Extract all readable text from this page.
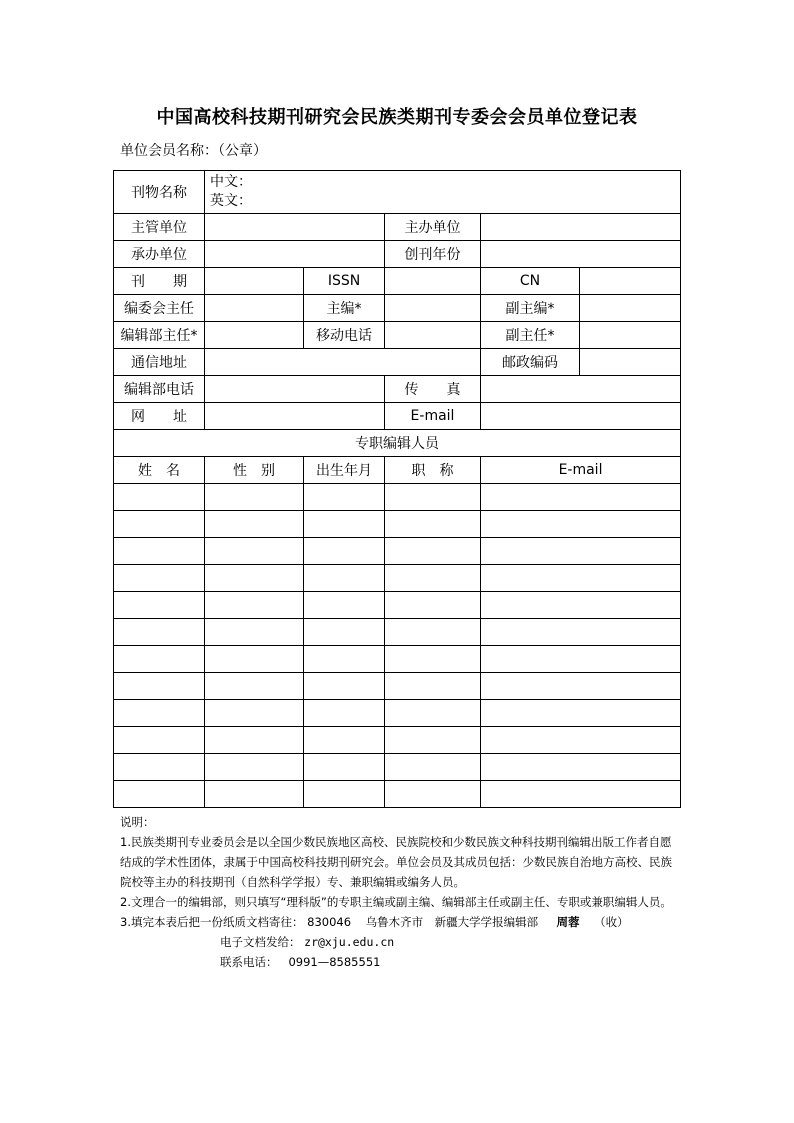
中国高校科技期刊研究会民族类期刊专委会会员单位登记表
单位会员名称：（公章）
刊物名称	中文：
英文：				

主管单位			主办单位		
承办单位			创刊年份		
刊　　期		ISSN		CN	
编委会主任		主编*		副主编*	
编辑部主任*		移动电话		副主任*	
通信地址				邮政编码	
编辑部电话			传　　真		
网　　址			E-mail		
专职编辑人员					
姓　名	性　别	出生年月	职　称	E-mail	

说明：

1.民族类期刊专业委员会是以全国少数民族地区高校、民族院校和少数民族文种科技期刊编辑出版工作者自愿结成的学术性团体，隶属于中国高校科技期刊研究会。单位会员及其成员包括：少数民族自治地方高校、民族院校等主办的科技期刊（自然科学学报）专、兼职编辑或编务人员。

2.文理合一的编辑部，则只填写“理科版”的专职主编或副主编、编辑部主任或副主任、专职或兼职编辑人员。

3.填完本表后把一份纸质文档寄往： 830046 乌鲁木齐市　新疆大学学报编辑部 周蓉 （收）

电子文档发给： zr@xju.edu.cn

联系电话： 0991—8585551
